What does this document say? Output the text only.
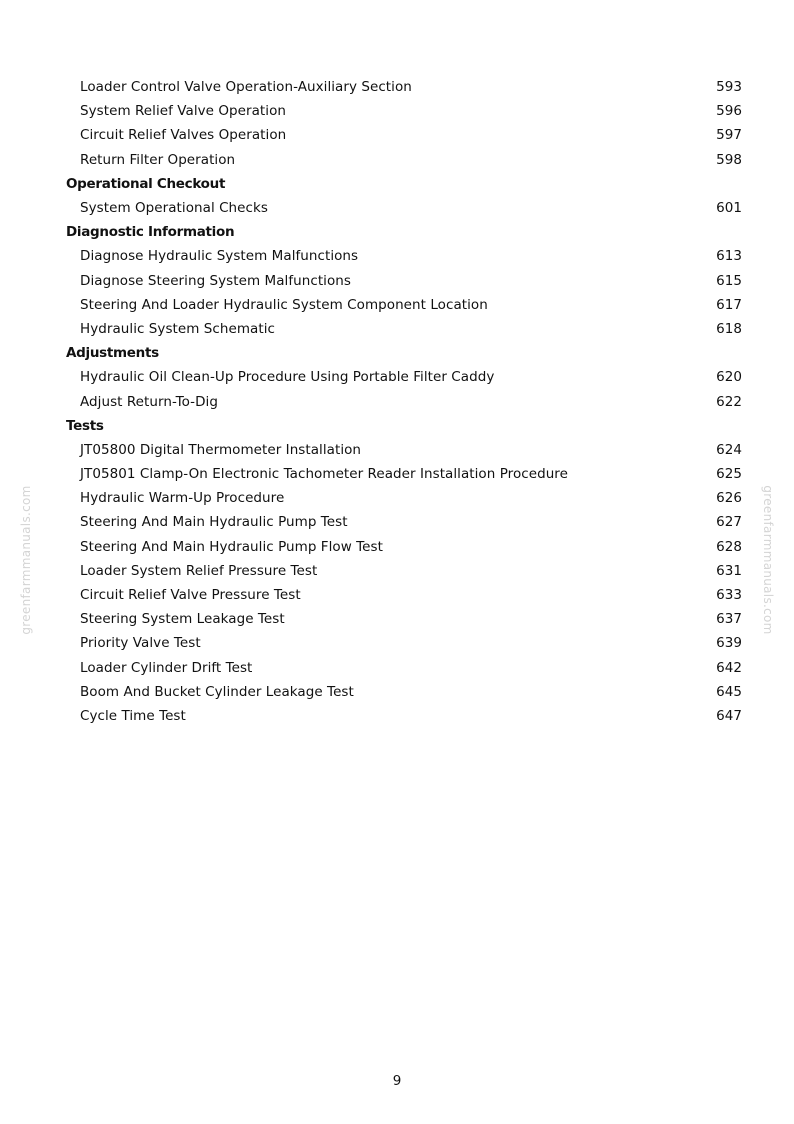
Loader Control Valve Operation-Auxiliary Section	593
System Relief Valve Operation	596
Circuit Relief Valves Operation	597
Return Filter Operation	598
Operational Checkout
System Operational Checks	601
Diagnostic Information
Diagnose Hydraulic System Malfunctions	613
Diagnose Steering System Malfunctions	615
Steering And Loader Hydraulic System Component Location	617
Hydraulic System Schematic	618
Adjustments
Hydraulic Oil Clean-Up Procedure Using Portable Filter Caddy	620
Adjust Return-To-Dig	622
Tests
JT05800 Digital Thermometer Installation	624
JT05801 Clamp-On Electronic Tachometer Reader Installation Procedure	625
Hydraulic Warm-Up Procedure	626
Steering And Main Hydraulic Pump Test	627
Steering And Main Hydraulic Pump Flow Test	628
Loader System Relief Pressure Test	631
Circuit Relief Valve Pressure Test	633
Steering System Leakage Test	637
Priority Valve Test	639
Loader Cylinder Drift Test	642
Boom And Bucket Cylinder Leakage Test	645
Cycle Time Test	647
greenfarmmanuals.com	greenfarmmanuals.com
9
